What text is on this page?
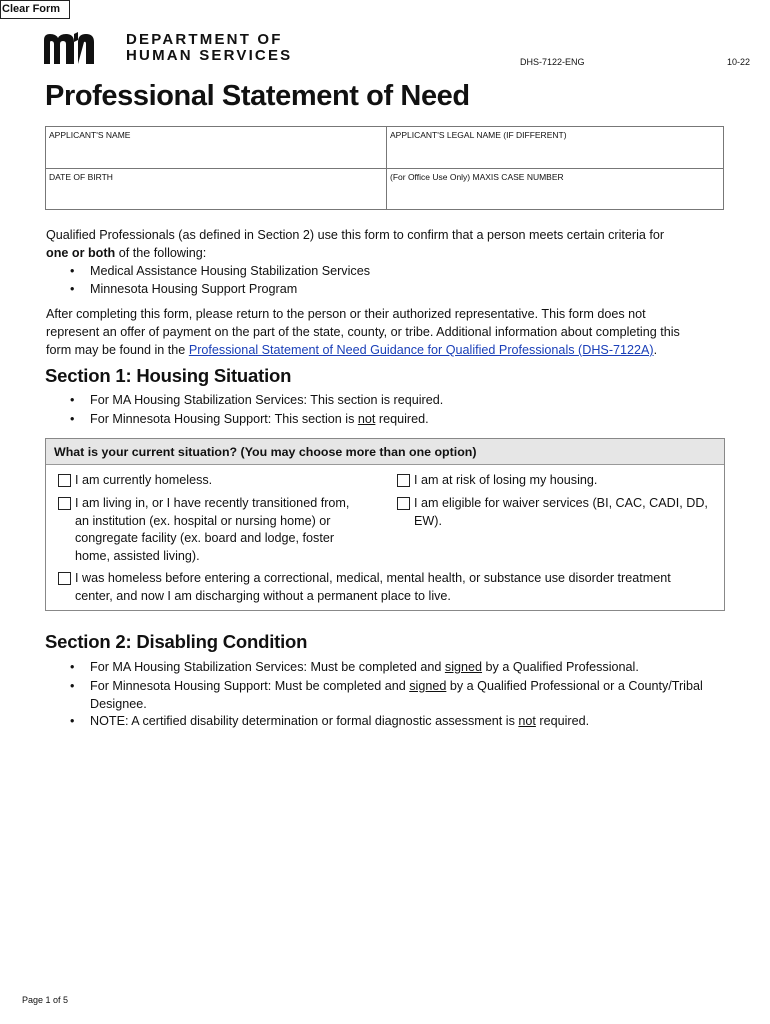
Clear Form
DEPARTMENT OF
HUMAN SERVICES	DHS-7122-ENG	10-22
Professional Statement of Need
APPLICANT'S NAME	APPLICANT'S LEGAL NAME (IF DIFFERENT)
DATE OF BIRTH	(For Office Use Only) MAXIS CASE NUMBER
Qualified Professionals (as defined in Section 2) use this form to confirm that a person meets certain criteria for
one or both of the following:
• Medical Assistance Housing Stabilization Services
• Minnesota Housing Support Program
After completing this form, please return to the person or their authorized representative. This form does not
represent an offer of payment on the part of the state, county, or tribe. Additional information about completing this
form may be found in the Professional Statement of Need Guidance for Qualified Professionals (DHS-7122A).
Section 1: Housing Situation
• For MA Housing Stabilization Services: This section is required.
• For Minnesota Housing Support: This section is not required.
What is your current situation? (You may choose more than one option)
I am currently homeless.	I am at risk of losing my housing.
I am living in, or I have recently transitioned from,
an institution (ex. hospital or nursing home) or
congregate facility (ex. board and lodge, foster
home, assisted living).
I am eligible for waiver services (BI, CAC, CADI, DD,
EW).
I was homeless before entering a correctional, medical, mental health, or substance use disorder treatment
center, and now I am discharging without a permanent place to live.
Section 2: Disabling Condition
• For MA Housing Stabilization Services: Must be completed and signed by a Qualified Professional.
• For Minnesota Housing Support: Must be completed and signed by a Qualified Professional or a County/Tribal
Designee.
• NOTE: A certified disability determination or formal diagnostic assessment is not required.
Page 1 of 5
